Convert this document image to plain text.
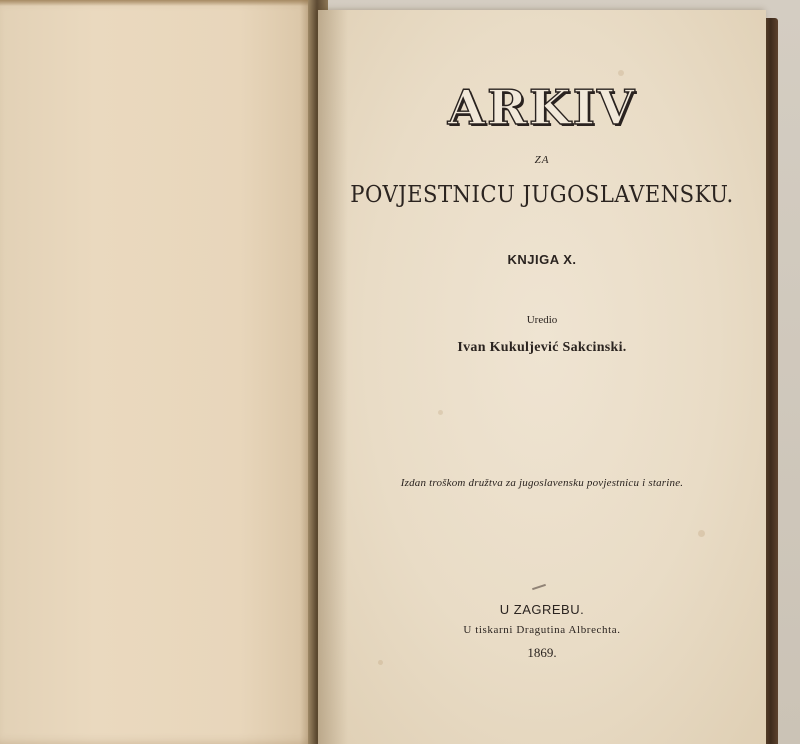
ARKIV
ZA
POVJESTNICU JUGOSLAVENSKU.
KNJIGA X.
Uredio
Ivan Kukuljević Sakcinski.
Izdan troškom družtva za jugoslavensku povjestnicu i starine.
U ZAGREBU.
U tiskarni Dragutina Albrechta.
1869.
